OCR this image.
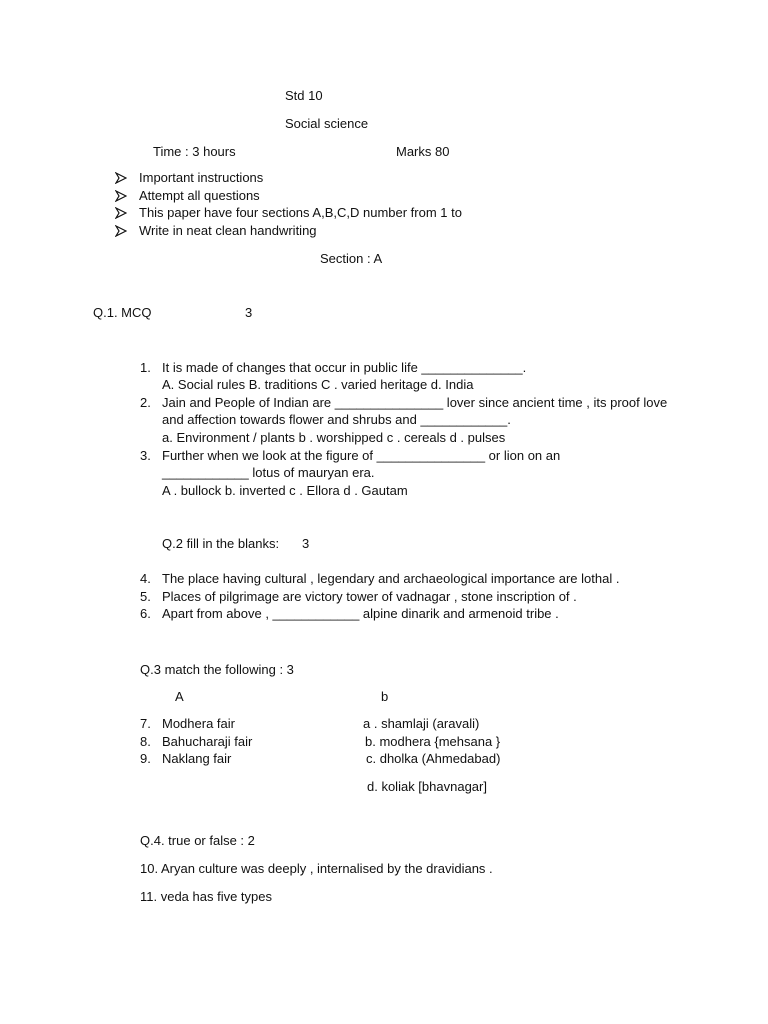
Std 10
Social science
Time : 3 hours	Marks 80
Important instructions
Attempt all questions
This paper have four sections A,B,C,D number from 1 to
Write in neat clean handwriting
Section : A
Q.1. MCQ	3
1. It is made of changes that occur in public life ______________.
A. Social rules B. traditions C . varied heritage d. India
2. Jain and People of Indian are _______________ lover since ancient time , its proof love
and affection towards flower and shrubs and ____________.
a. Environment / plants b . worshipped c . cereals d . pulses
3. Further when we look at the figure of _______________ or lion on an
____________ lotus of mauryan era.
A . bullock b. inverted c . Ellora d . Gautam
Q.2 fill in the blanks: 3
4. The place having cultural , legendary and archaeological importance are lothal .
5. Places of pilgrimage are victory tower of vadnagar , stone inscription of .
6. Apart from above , ____________ alpine dinarik and armenoid tribe .
Q.3 match the following : 3
A	b
7. Modhera fair	a . shamlaji (aravali)
8. Bahucharaji fair	b. modhera {mehsana }
9. Naklang fair	c. dholka (Ahmedabad)
d. koliak [bhavnagar]
Q.4. true or false : 2
10. Aryan culture was deeply , internalised by the dravidians .
11. veda has five types
